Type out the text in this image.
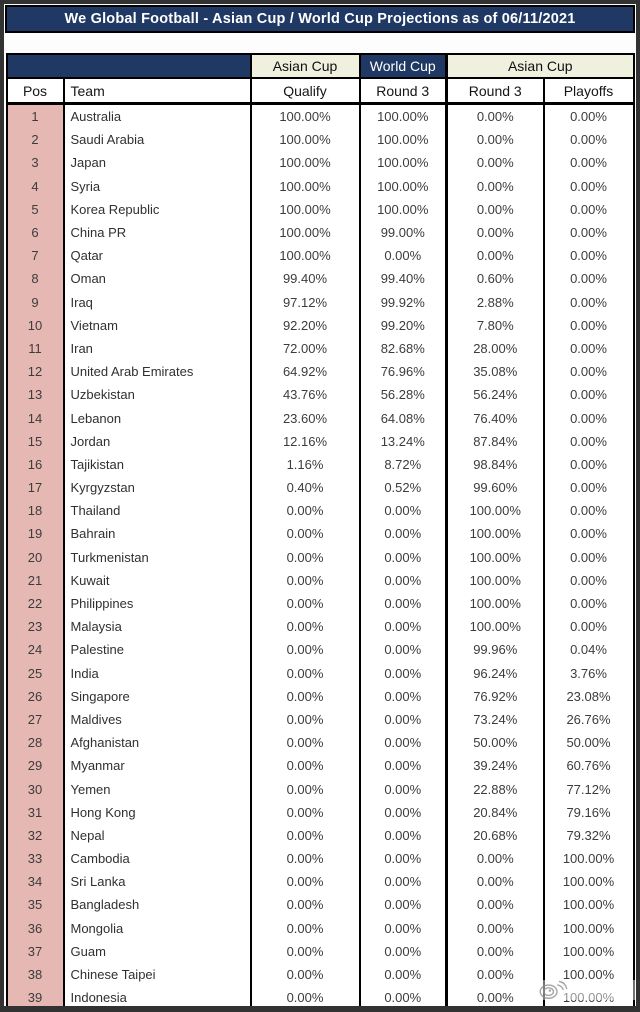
We Global Football - Asian Cup / World Cup Projections as of 06/11/2021
		Asian Cup	World Cup	Asian Cup	
Pos	Team	Qualify	Round 3	Round 3	Playoffs
1	Australia	100.00%	100.00%	0.00%	0.00%
2	Saudi Arabia	100.00%	100.00%	0.00%	0.00%
3	Japan	100.00%	100.00%	0.00%	0.00%
4	Syria	100.00%	100.00%	0.00%	0.00%
5	Korea Republic	100.00%	100.00%	0.00%	0.00%
6	China PR	100.00%	99.00%	0.00%	0.00%
7	Qatar	100.00%	0.00%	0.00%	0.00%
8	Oman	99.40%	99.40%	0.60%	0.00%
9	Iraq	97.12%	99.92%	2.88%	0.00%
10	Vietnam	92.20%	99.20%	7.80%	0.00%
11	Iran	72.00%	82.68%	28.00%	0.00%
12	United Arab Emirates	64.92%	76.96%	35.08%	0.00%
13	Uzbekistan	43.76%	56.28%	56.24%	0.00%
14	Lebanon	23.60%	64.08%	76.40%	0.00%
15	Jordan	12.16%	13.24%	87.84%	0.00%
16	Tajikistan	1.16%	8.72%	98.84%	0.00%
17	Kyrgyzstan	0.40%	0.52%	99.60%	0.00%
18	Thailand	0.00%	0.00%	100.00%	0.00%
19	Bahrain	0.00%	0.00%	100.00%	0.00%
20	Turkmenistan	0.00%	0.00%	100.00%	0.00%
21	Kuwait	0.00%	0.00%	100.00%	0.00%
22	Philippines	0.00%	0.00%	100.00%	0.00%
23	Malaysia	0.00%	0.00%	100.00%	0.00%
24	Palestine	0.00%	0.00%	99.96%	0.04%
25	India	0.00%	0.00%	96.24%	3.76%
26	Singapore	0.00%	0.00%	76.92%	23.08%
27	Maldives	0.00%	0.00%	73.24%	26.76%
28	Afghanistan	0.00%	0.00%	50.00%	50.00%
29	Myanmar	0.00%	0.00%	39.24%	60.76%
30	Yemen	0.00%	0.00%	22.88%	77.12%
31	Hong Kong	0.00%	0.00%	20.84%	79.16%
32	Nepal	0.00%	0.00%	20.68%	79.32%
33	Cambodia	0.00%	0.00%	0.00%	100.00%
34	Sri Lanka	0.00%	0.00%	0.00%	100.00%
35	Bangladesh	0.00%	0.00%	0.00%	100.00%
36	Mongolia	0.00%	0.00%	0.00%	100.00%
37	Guam	0.00%	0.00%	0.00%	100.00%
38	Chinese Taipei	0.00%	0.00%	0.00%	100.00%
39	Indonesia	0.00%	0.00%	0.00%	100.00%
